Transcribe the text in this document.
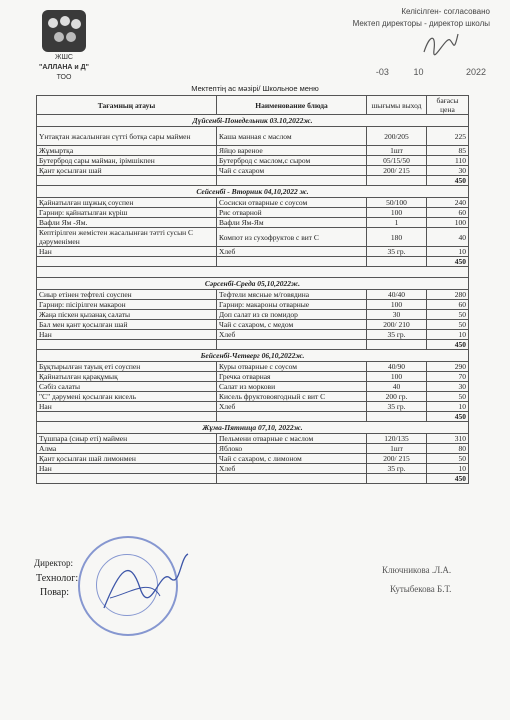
ЖШС
"АЛЛАНА и Д"
ТОО
Келісілген- согласовано
Мектеп директоры - директор школы
-03	10	2022
Мектептің ас мәзірі/ Школьное меню
Тағамның атауы	Наименование блюда	шығымы выход	бағасы цена
Дүйсенбі-Понедельник 03.10,2022ж.			
Үнтақтан жасалынған сүтті ботқа сары маймен	Каша манная с маслом	200/205	225
Жұмыртқа	Яйцо вареное	1шт	85
Бутерброд сары майман, ірімшікпен	Бутерброд с маслом,с сыром	05/15/50	110
Қант қосылған шай	Чай с сахаром	200/ 215	30
			450
Сейсенбі - Вторник 04,10,2022 ж.			
Қайнатылған шұжық соуспен	Сосиски отварные с соусом	50/100	240
Гарнир: қайнатылған күріш	Рис отварной	100	60
Вафли Ям -Ям.	Вафли Ям-Ям	1	100
Кептірілген жемістен жасалынған тәтті сусын С дәруменімен	Компот из сухофруктов с вит С	180	40
Нан	Хлеб	35 гр.	10
			450

Сәрсенбі-Среда 05,10,2022ж.			
Сиыр етінен тефтелі соуспен	Тефтели мясные м/говядина	40/40	280
Гарнир: пісірілген макарон	Гарнир: макароны отварные	100	60
Жаңа піскен қызанақ салаты	Доп салат из св помидор	30	50
Бал мен қант қосылған шай	Чай с сахаром, с медом	200/ 210	50
Нан	Хлеб	35 гр.	10
			450
Бейсенбі-Четверг 06,10,2022ж.			
Бұқтырылған тауық еті соуспен	Куры отварные с соусом	40/90	290
Қайнатылған қарақұмық	Гречка отварная	100	70
Сәбіз салаты	Салат из моркови	40	30
"С" дәрумені қосылған кисель	Кисель фруктовоягодный с вит С	200 гр.	50
Нан	Хлеб	35 гр.	10
			450
Жұма-Пятница 07,10, 2022ж.			
Тұшпара (сиыр еті) маймен	Пельмени отварные с маслом	120/135	310
Алма	Яблоко	1шт	80
Қант қосылған шай лимонмен	Чай с сахаром, с лимоном	200/ 215	50
Нан	Хлеб	35 гр.	10
			450
Директор:
Технолог:
Повар:
Ключникова .Л.А.
Кутыбекова Б.Т.
